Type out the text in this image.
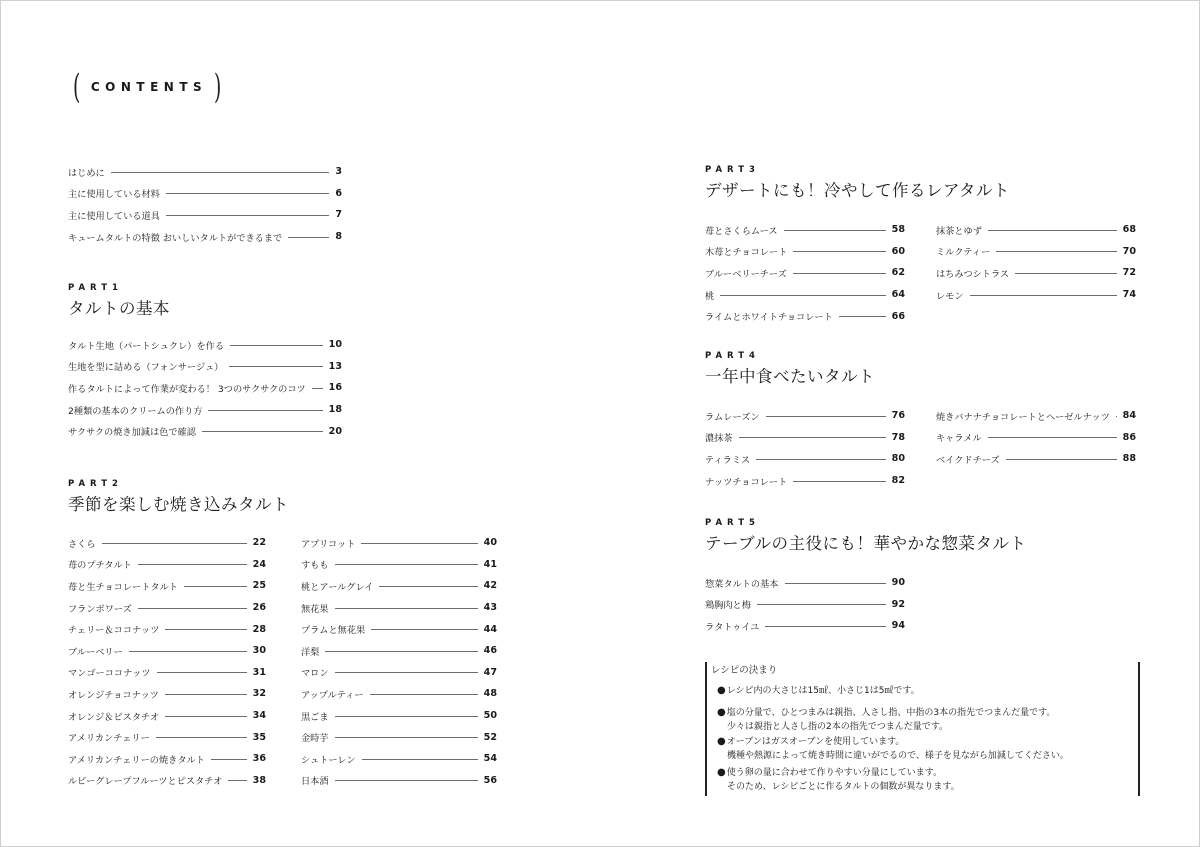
( CONTENTS )
はじめに	3
主に使用している材料	6
主に使用している道具	7
キュームタルトの特徴 おいしいタルトができるまで	8
PART1
タルトの基本
タルト生地（パートシュクレ）を作る	10
生地を型に詰める（フォンサージュ）	13
作るタルトによって作業が変わる！ 3つのサクサクのコツ	16
2種類の基本のクリームの作り方	18
サクサクの焼き加減は色で確認	20
PART2
季節を楽しむ焼き込みタルト
さくら	22
苺のプチタルト	24
苺と生チョコレートタルト	25
フランボワーズ	26
チェリー＆ココナッツ	28
ブルーベリー	30
マンゴーココナッツ	31
オレンジチョコナッツ	32
オレンジ＆ピスタチオ	34
アメリカンチェリー	35
アメリカンチェリーの焼きタルト	36
ルビーグレープフルーツとピスタチオ	38
アプリコット	40
すもも	41
桃とアールグレイ	42
無花果	43
プラムと無花果	44
洋梨	46
マロン	47
アップルティー	48
黒ごま	50
金時芋	52
シュトーレン	54
日本酒	56
PART3
デザートにも！冷やして作るレアタルト
苺とさくらムース	58
木苺とチョコレート	60
ブルーベリーチーズ	62
桃	64
ライムとホワイトチョコレート	66
抹茶とゆず	68
ミルクティー	70
はちみつシトラス	72
レモン	74
PART4
一年中食べたいタルト
ラムレーズン	76
濃抹茶	78
ティラミス	80
ナッツチョコレート	82
焼きバナナチョコレートとヘーゼルナッツ	84
キャラメル	86
ベイクドチーズ	88
PART5
テーブルの主役にも！華やかな惣菜タルト
惣菜タルトの基本	90
鶏胸肉と梅	92
ラタトゥイユ	94
レシピの決まり
●レシピ内の大さじは15㎖、小さじ1は5㎖です。
●塩の分量で、ひとつまみは親指、人さし指、中指の3本の指先でつまんだ量です。
少々は親指と人さし指の2本の指先でつまんだ量です。
●オーブンはガスオーブンを使用しています。
機種や熱源によって焼き時間に違いがでるので、様子を見ながら加減してください。
●使う卵の量に合わせて作りやすい分量にしています。
そのため、レシピごとに作るタルトの個数が異なります。
